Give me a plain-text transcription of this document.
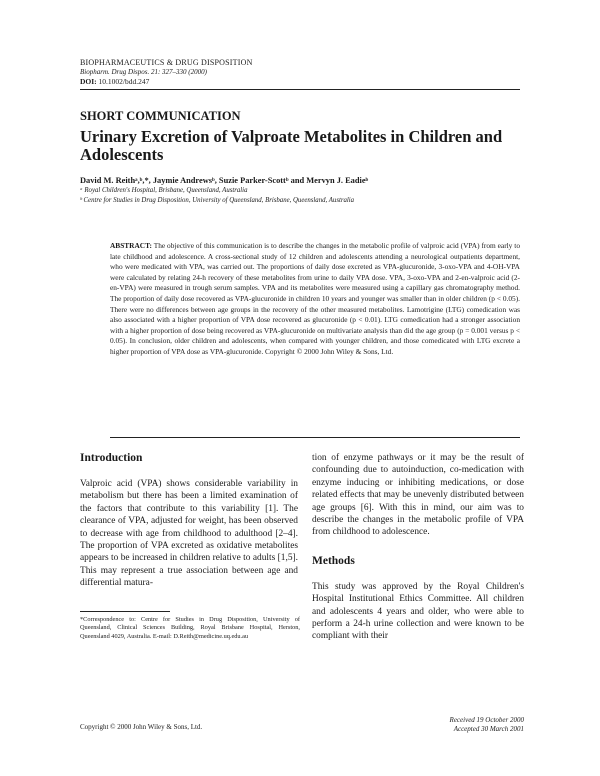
BIOPHARMACEUTICS & DRUG DISPOSITION
Biopharm. Drug Dispos. 21: 327–330 (2000)
DOI: 10.1002/bdd.247
SHORT COMMUNICATION
Urinary Excretion of Valproate Metabolites in Children and Adolescents
David M. Reithᵃ,ᵇ,*, Jaymie Andrewsᵇ, Suzie Parker-Scottᵇ and Mervyn J. Eadieᵇ
ᵃ Royal Children's Hospital, Brisbane, Queensland, Australia
ᵇ Centre for Studies in Drug Disposition, University of Queensland, Brisbane, Queensland, Australia
ABSTRACT: The objective of this communication is to describe the changes in the metabolic profile of valproic acid (VPA) from early to late childhood and adolescence. A cross-sectional study of 12 children and adolescents attending a neurological outpatients department, who were medicated with VPA, was carried out. The proportions of daily dose excreted as VPA-glucuronide, 3-oxo-VPA and 4-OH-VPA were calculated by relating 24-h recovery of these metabolites from urine to daily VPA dose. VPA, 3-oxo-VPA and 2-en-valproic acid (2-en-VPA) were measured in trough serum samples. VPA and its metabolites were measured using a capillary gas chromatography method. The proportion of daily dose recovered as VPA-glucuronide in children 10 years and younger was smaller than in older children (p < 0.05). There were no differences between age groups in the recovery of the other measured metabolites. Lamotrigine (LTG) comedication was also associated with a higher proportion of VPA dose recovered as glucuronide (p < 0.01). LTG comedication had a stronger association with a higher proportion of dose being recovered as VPA-glucuronide on multivariate analysis than did the age group (p = 0.001 versus p < 0.05). In conclusion, older children and adolescents, when compared with younger children, and those comedicated with LTG excrete a higher proportion of VPA dose as VPA-glucuronide. Copyright © 2000 John Wiley & Sons, Ltd.
Introduction

Valproic acid (VPA) shows considerable variability in metabolism but there has been a limited examination of the factors that contribute to this variability [1]. The clearance of VPA, adjusted for weight, has been observed to decrease with age from childhood to adulthood [2–4]. The proportion of VPA excreted as oxidative metabolites appears to be increased in children relative to adults [1,5]. This may represent a true association between age and differential matura-

tion of enzyme pathways or it may be the result of confounding due to autoinduction, co-medication with enzyme inducing or inhibiting medications, or dose related effects that may be unevenly distributed between age groups [6]. With this in mind, our aim was to describe the changes in the metabolic profile of VPA from childhood to adolescence.

Methods

This study was approved by the Royal Children's Hospital Institutional Ethics Committee. All children and adolescents 4 years and older, who were able to perform a 24-h urine collection and were known to be compliant with their

*Correspondence to: Centre for Studies in Drug Disposition, University of Queensland, Clinical Sciences Building, Royal Brisbane Hospital, Herston, Queensland 4029, Australia. E-mail: D.Reith@medicine.uq.edu.au
Copyright © 2000 John Wiley & Sons, Ltd.
Received 19 October 2000
Accepted 30 March 2001
